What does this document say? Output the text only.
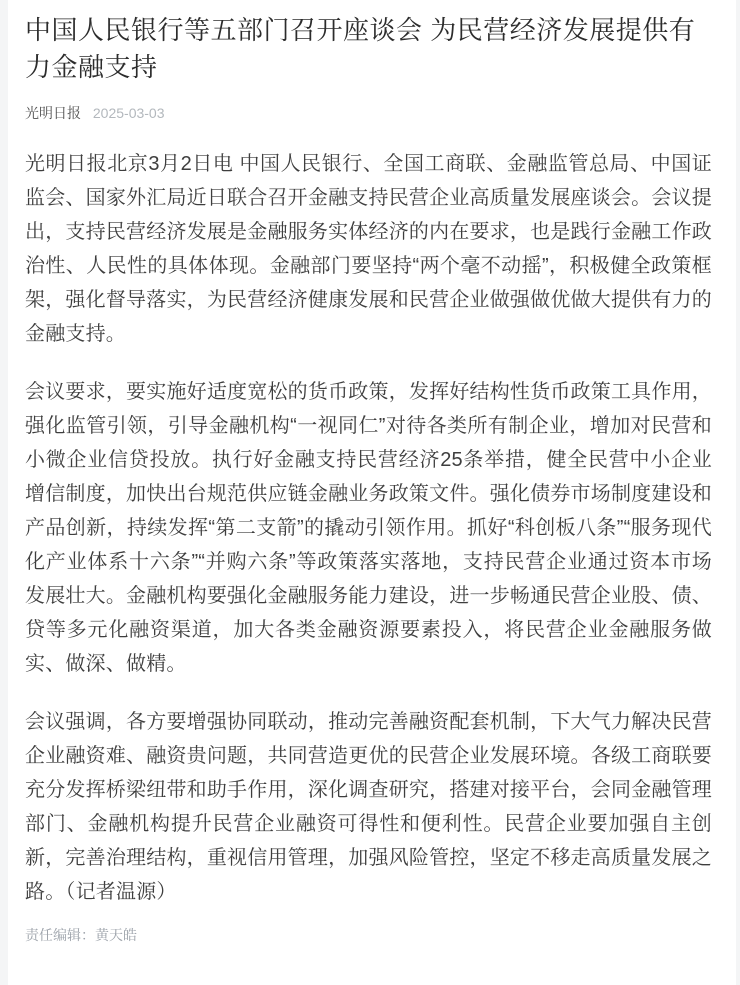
中国人民银行等五部门召开座谈会 为民营经济发展提供有力金融支持
光明日报 2025-03-03

光明日报北京3月2日电 中国人民银行、全国工商联、金融监管总局、中国证监会、国家外汇局近日联合召开金融支持民营企业高质量发展座谈会。会议提出，支持民营经济发展是金融服务实体经济的内在要求，也是践行金融工作政治性、人民性的具体体现。金融部门要坚持“两个毫不动摇”，积极健全政策框架，强化督导落实，为民营经济健康发展和民营企业做强做优做大提供有力的金融支持。

会议要求，要实施好适度宽松的货币政策，发挥好结构性货币政策工具作用，强化监管引领，引导金融机构“一视同仁”对待各类所有制企业，增加对民营和小微企业信贷投放。执行好金融支持民营经济25条举措，健全民营中小企业增信制度，加快出台规范供应链金融业务政策文件。强化债券市场制度建设和产品创新，持续发挥“第二支箭”的撬动引领作用。抓好“科创板八条”“服务现代化产业体系十六条”“并购六条”等政策落实落地，支持民营企业通过资本市场发展壮大。金融机构要强化金融服务能力建设，进一步畅通民营企业股、债、贷等多元化融资渠道，加大各类金融资源要素投入，将民营企业金融服务做实、做深、做精。

会议强调，各方要增强协同联动，推动完善融资配套机制，下大气力解决民营企业融资难、融资贵问题，共同营造更优的民营企业发展环境。各级工商联要充分发挥桥梁纽带和助手作用，深化调查研究，搭建对接平台，会同金融管理部门、金融机构提升民营企业融资可得性和便利性。民营企业要加强自主创新，完善治理结构，重视信用管理，加强风险管控，坚定不移走高质量发展之路。（记者温源）

责任编辑：黄天皓
